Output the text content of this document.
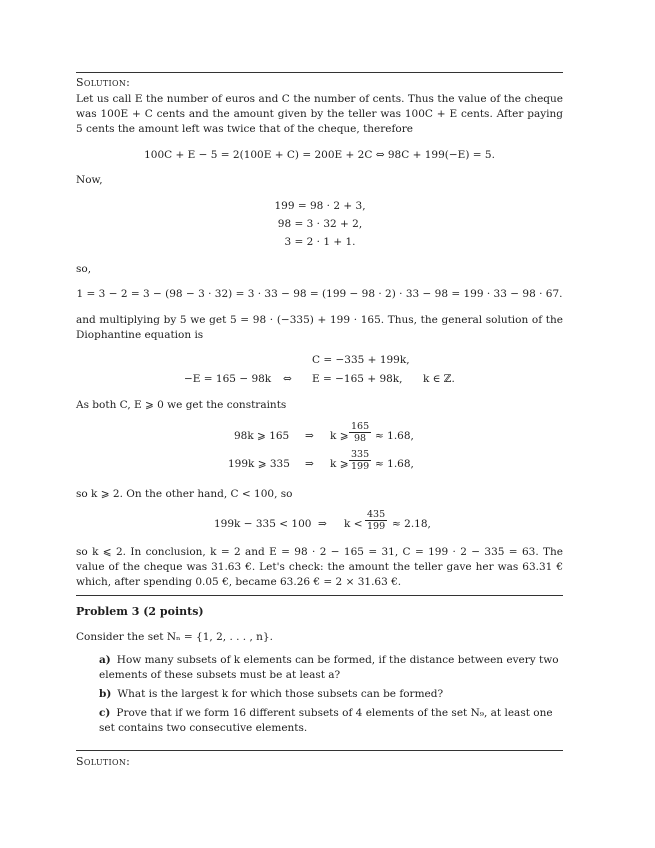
Solution:
Let us call E the number of euros and C the number of cents. Thus the value of the cheque was 100E + C cents and the amount given by the teller was 100C + E cents. After paying 5 cents the amount left was twice that of the cheque, therefore
100C + E − 5 = 2(100E + C) = 200E + 2C ⇔ 98C + 199(−E) = 5.
Now,
199 = 98 · 2 + 3,
98 = 3 · 32 + 2,
3 = 2 · 1 + 1.
so,
1 = 3 − 2 = 3 − (98 − 3 · 32) = 3 · 33 − 98 = (199 − 98 · 2) · 33 − 98 = 199 · 33 − 98 · 67.
and multiplying by 5 we get 5 = 98 · (−335) + 199 · 165. Thus, the general solution of the Diophantine equation is
C = −335 + 199k,
−E = 165 − 98k ⇔ E = −165 + 98k, k ∈ ℤ.
As both C, E ⩾ 0 we get the constraints
98k ⩾ 165 ⇒ k ⩾ $\frac{165}{98} \approx 1.68$,
199k ⩾ 335 ⇒ k ⩾ $\frac{335}{199} \approx 1.68$,
so k ⩾ 2. On the other hand, C < 100, so
199k − 335 < 100 ⇒ $k < \frac{435}{199} \approx 2.18$,
so k ⩽ 2. In conclusion, k = 2 and E = 98 · 2 − 165 = 31, C = 199 · 2 − 335 = 63. The value of the cheque was 31.63 €. Let's check: the amount the teller gave her was 63.31 € which, after spending 0.05 €, became 63.26 € = 2 × 31.63 €.
Problem 3 (2 points)
Consider the set Nₙ = {1, 2, . . . , n}.
a) How many subsets of k elements can be formed, if the distance between every two elements of these subsets must be at least a?
b) What is the largest k for which those subsets can be formed?
c) Prove that if we form 16 different subsets of 4 elements of the set N₉, at least one set contains two consecutive elements.
Solution:
